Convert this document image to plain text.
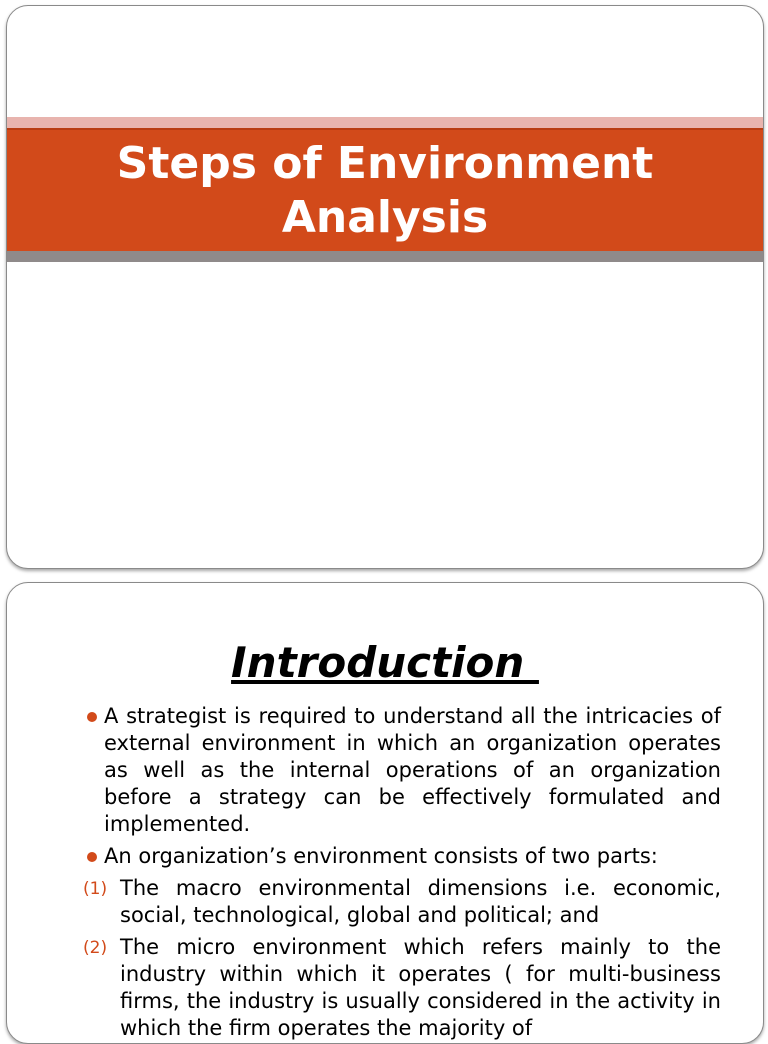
Steps of Environment
Analysis
Introduction
A strategist is required to understand all the intricacies of external environment in which an organization operates as well as the internal operations of an organization before a strategy can be effectively formulated and implemented.
An organization’s environment consists of two parts:
(1) The macro environmental dimensions i.e. economic, social, technological, global and political; and
(2) The micro environment which refers mainly to the industry within which it operates ( for multi-business firms, the industry is usually considered in the activity in which the firm operates the majority of
